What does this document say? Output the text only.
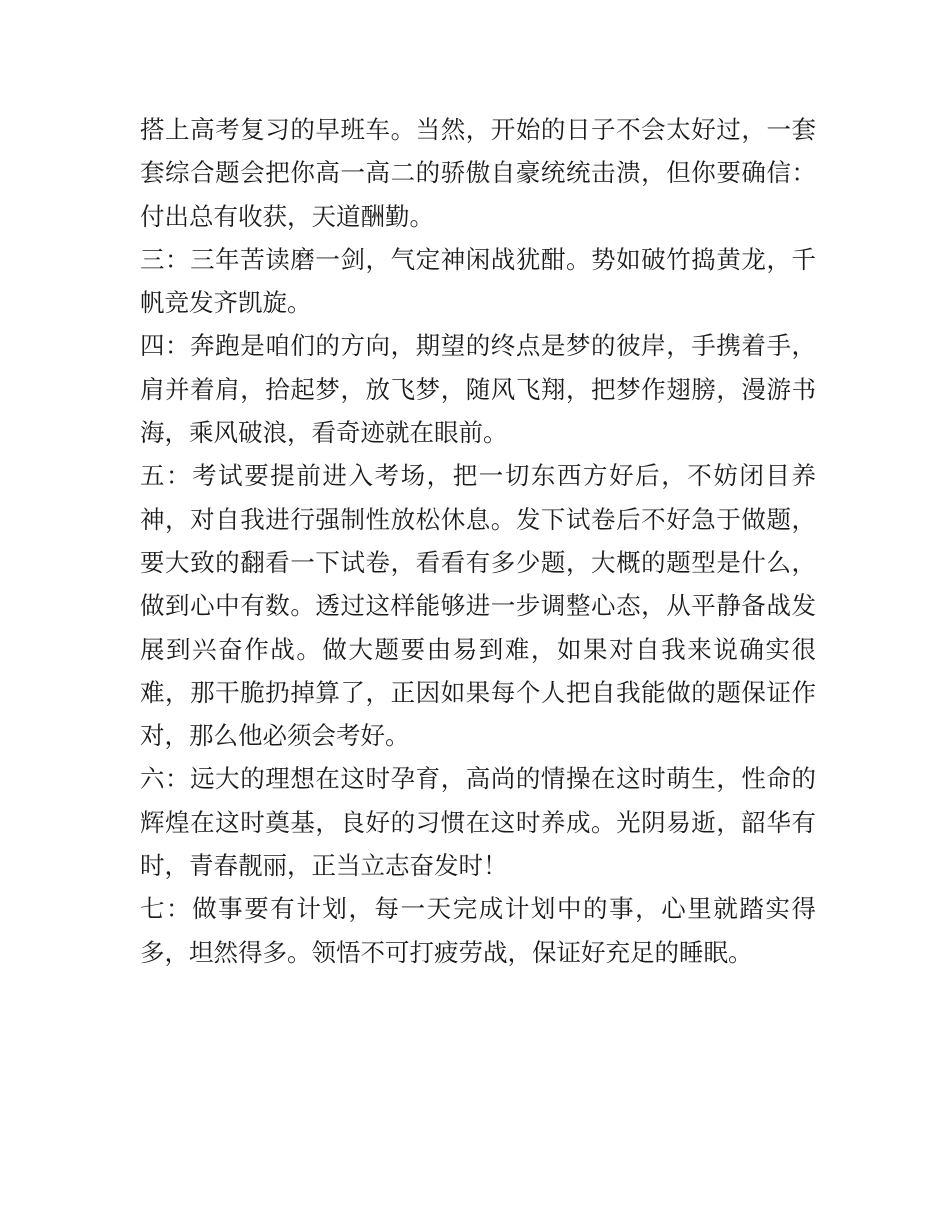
搭上高考复习的早班车。当然，开始的日子不会太好过，一套套综合题会把你高一高二的骄傲自豪统统击溃，但你要确信：付出总有收获，天道酬勤。

三：三年苦读磨一剑，气定神闲战犹酣。势如破竹捣黄龙，千帆竞发齐凯旋。

四：奔跑是咱们的方向，期望的终点是梦的彼岸，手携着手，肩并着肩，拾起梦，放飞梦，随风飞翔，把梦作翅膀，漫游书海，乘风破浪，看奇迹就在眼前。

五：考试要提前进入考场，把一切东西方好后，不妨闭目养神，对自我进行强制性放松休息。发下试卷后不好急于做题，要大致的翻看一下试卷，看看有多少题，大概的题型是什么，做到心中有数。透过这样能够进一步调整心态，从平静备战发展到兴奋作战。做大题要由易到难，如果对自我来说确实很难，那干脆扔掉算了，正因如果每个人把自我能做的题保证作对，那么他必须会考好。

六：远大的理想在这时孕育，高尚的情操在这时萌生，性命的辉煌在这时奠基，良好的习惯在这时养成。光阴易逝，韶华有时，青春靓丽，正当立志奋发时！

七：做事要有计划，每一天完成计划中的事，心里就踏实得多，坦然得多。领悟不可打疲劳战，保证好充足的睡眠。
